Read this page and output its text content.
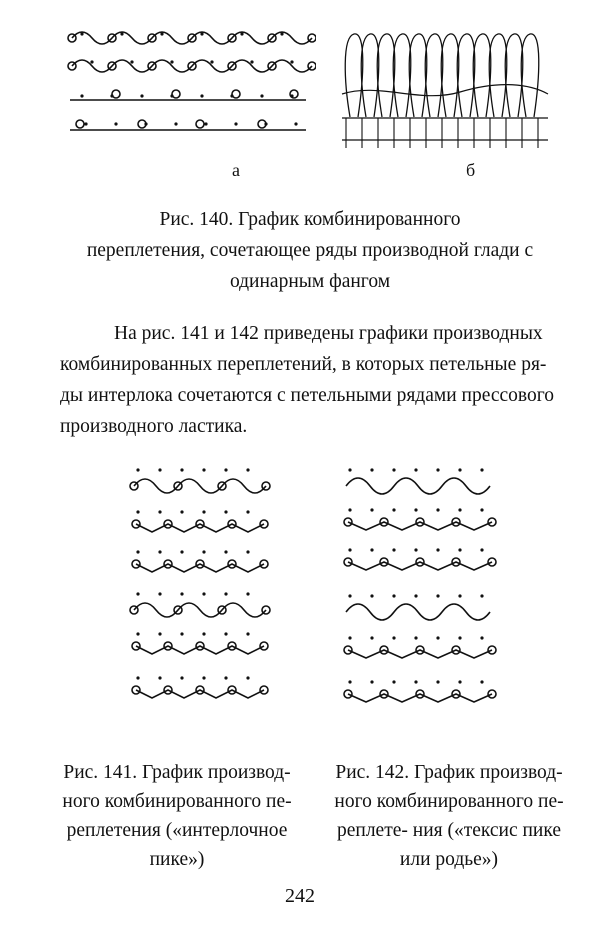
а	б
Рис. 140. График комбинированного
переплетения, сочетающее ряды производной глади с
одинарным фангом
На рис. 141 и 142 приведены графики производных
комбинированных переплетений, в которых петельные ря-
ды интерлока сочетаются с петельными рядами прессового
производного ластика.
Рис. 141. График производ-
ного комбинированного пе-
реплетения («интерлочное
пике»)
Рис. 142. График производ-
ного комбинированного пе-
реплете- ния («тексис пике
или родье»)
242
